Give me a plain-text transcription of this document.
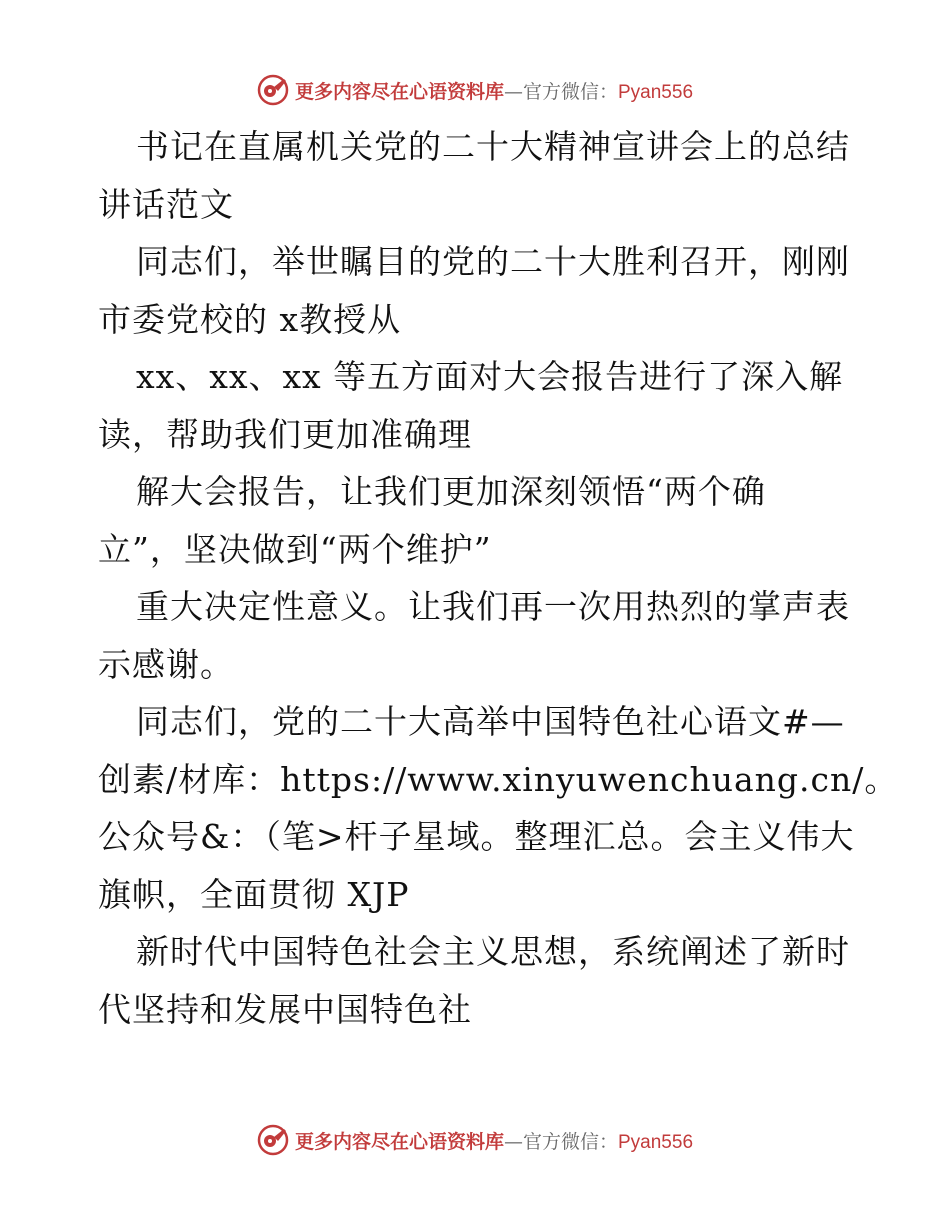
更多内容尽在心语资料库—官方微信：Pyan556
书记在直属机关党的二十大精神宣讲会上的总结
讲话范文
同志们，举世瞩目的党的二十大胜利召开，刚刚
市委党校的 x教授从
xx、xx、xx 等五方面对大会报告进行了深入解
读，帮助我们更加准确理
解大会报告，让我们更加深刻领悟“两个确
立”，坚决做到“两个维护”
重大决定性意义。让我们再一次用热烈的掌声表
示感谢。
同志们，党的二十大高举中国特色社心语文#—
创素/材库：https://www.xinyuwenchuang.cn/。
公众号&：（笔>杆子星域。整理汇总。会主义伟大
旗帜，全面贯彻 XJP
新时代中国特色社会主义思想，系统阐述了新时
代坚持和发展中国特色社
更多内容尽在心语资料库—官方微信：Pyan556
